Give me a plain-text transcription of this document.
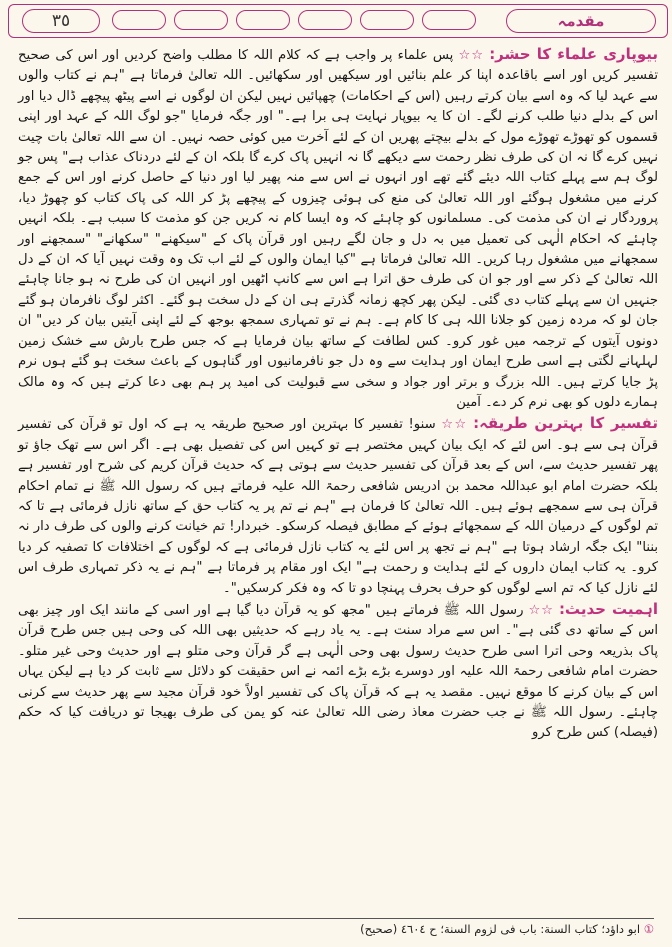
٣٥	مقدمہ

بیوپاری علماء کا حشر: ☆☆ پس علماء پر واجب ہے کہ کلام اللہ کا مطلب واضح کردیں اور اس کی صحیح تفسیر کریں اور اسے باقاعدہ اپنا کر علم بنائیں اور سیکھیں اور سکھائیں۔ اللہ تعالیٰ فرماتا ہے "ہم نے کتاب والوں سے عہد لیا کہ وہ اسے بیان کرتے رہیں (اس کے احکامات) چھپائیں نہیں لیکن ان لوگوں نے اسے پیٹھ پیچھے ڈال دیا اور اس کے بدلے دنیا طلب کرنے لگے۔ ان کا یہ بیوپار نہایت ہی برا ہے۔" اور جگہ فرمایا "جو لوگ اللہ کے عہد اور اپنی قسموں کو تھوڑے تھوڑے مول کے بدلے بیچتے پھریں ان کے لئے آخرت میں کوئی حصہ نہیں۔ ان سے اللہ تعالیٰ بات چیت نہیں کرے گا نہ ان کی طرف نظر رحمت سے دیکھے گا نہ انہیں پاک کرے گا بلکہ ان کے لئے دردناک عذاب ہے" پس جو لوگ ہم سے پہلے کتاب اللہ دیئے گئے تھے اور انہوں نے اس سے منہ پھیر لیا اور دنیا کے حاصل کرنے اور اس کے جمع کرنے میں مشغول ہوگئے اور اللہ تعالیٰ کی منع کی ہوئی چیزوں کے پیچھے پڑ کر اللہ کی پاک کتاب کو چھوڑ دیا، پروردگار نے ان کی مذمت کی۔ مسلمانوں کو چاہئے کہ وہ ایسا کام نہ کریں جن کو مذمت کا سبب ہے۔ بلکہ انہیں چاہئے کہ احکام الٰہی کی تعمیل میں بہ دل و جان لگے رہیں اور قرآن پاک کے "سیکھنے" "سکھانے" "سمجھنے اور سمجھانے میں مشغول رہا کریں۔ اللہ تعالیٰ فرماتا ہے "کیا ایمان والوں کے لئے اب تک وہ وقت نہیں آیا کہ ان کے دل اللہ تعالیٰ کے ذکر سے اور جو ان کی طرف حق اترا ہے اس سے کانپ اٹھیں اور انہیں ان کی طرح نہ ہو جانا چاہئے جنہیں ان سے پہلے کتاب دی گئی۔ لیکن پھر کچھ زمانہ گذرتے ہی ان کے دل سخت ہو گئے۔ اکثر لوگ نافرمان ہو گئے جان لو کہ مردہ زمین کو جلانا اللہ ہی کا کام ہے۔ ہم نے تو تمہاری سمجھ بوجھ کے لئے اپنی آیتیں بیان کر دیں" ان دونوں آیتوں کے ترجمہ میں غور کرو۔ کس لطافت کے ساتھ بیان فرمایا ہے کہ جس طرح بارش سے خشک زمین لہلہانے لگتی ہے اسی طرح ایمان اور ہدایت سے وہ دل جو نافرمانیوں اور گناہوں کے باعث سخت ہو گئے ہوں نرم پڑ جایا کرتے ہیں۔ اللہ بزرگ و برتر اور جواد و سخی سے قبولیت کی امید پر ہم بھی دعا کرتے ہیں کہ وہ مالک ہمارے دلوں کو بھی نرم کر دے۔ آمین

تفسیر کا بہترین طریقہ: ☆☆ سنو! تفسیر کا بہترین اور صحیح طریقہ یہ ہے کہ اول تو قرآن کی تفسیر قرآن ہی سے ہو۔ اس لئے کہ ایک بیان کہیں مختصر ہے تو کہیں اس کی تفصیل بھی ہے۔ اگر اس سے تھک جاؤ تو پھر تفسیر حدیث سے، اس کے بعد قرآن کی تفسیر حدیث سے ہوتی ہے کہ حدیث قرآن کریم کی شرح اور تفسیر ہے بلکہ حضرت امام ابو عبداللہ محمد بن ادریس شافعی رحمۃ اللہ علیہ فرماتے ہیں کہ رسول اللہ ﷺ نے تمام احکام قرآن ہی سے سمجھے ہوئے ہیں۔ اللہ تعالیٰ کا فرمان ہے "ہم نے تم پر یہ کتاب حق کے ساتھ نازل فرمائی ہے تا کہ تم لوگوں کے درمیان اللہ کے سمجھائے ہوئے کے مطابق فیصلہ کرسکو۔ خبردار! تم خیانت کرنے والوں کی طرف دار نہ بننا" ایک جگہ ارشاد ہوتا ہے "ہم نے تجھ پر اس لئے یہ کتاب نازل فرمائی ہے کہ لوگوں کے اختلافات کا تصفیہ کر دیا کرو۔ یہ کتاب ایمان داروں کے لئے ہدایت و رحمت ہے" ایک اور مقام پر فرماتا ہے "ہم نے یہ ذکر تمہاری طرف اس لئے نازل کیا کہ تم اسے لوگوں کو حرف بحرف پہنچا دو تا کہ وہ فکر کرسکیں"۔

اہمیت حدیث: ☆☆ رسول اللہ ﷺ فرماتے ہیں "مجھ کو یہ قرآن دیا گیا ہے اور اسی کے مانند ایک اور چیز بھی اس کے ساتھ دی گئی ہے"۔ اس سے مراد سنت ہے۔ یہ یاد رہے کہ حدیثیں بھی اللہ کی وحی ہیں جس طرح قرآن پاک بذریعہ وحی اترا اسی طرح حدیث رسول بھی وحی الٰہی ہے گر قرآن وحی متلو ہے اور حدیث وحی غیر متلو۔ حضرت امام شافعی رحمۃ اللہ علیہ اور دوسرے بڑے بڑے ائمہ نے اس حقیقت کو دلائل سے ثابت کر دیا ہے لیکن یہاں اس کے بیان کرنے کا موقع نہیں۔ مقصد یہ ہے کہ قرآن پاک کی تفسیر اولاً خود قرآن مجید سے پھر حدیث سے کرنی چاہئے۔ رسول اللہ ﷺ نے جب حضرت معاذ رضی اللہ تعالیٰ عنہ کو یمن کی طرف بھیجا تو دریافت کیا کہ حکم (فیصلہ) کس طرح کرو

① ابو داؤد؛ کتاب السنة: باب فی لزوم السنة؛ ح ٤٦٠٤ (صحیح)
